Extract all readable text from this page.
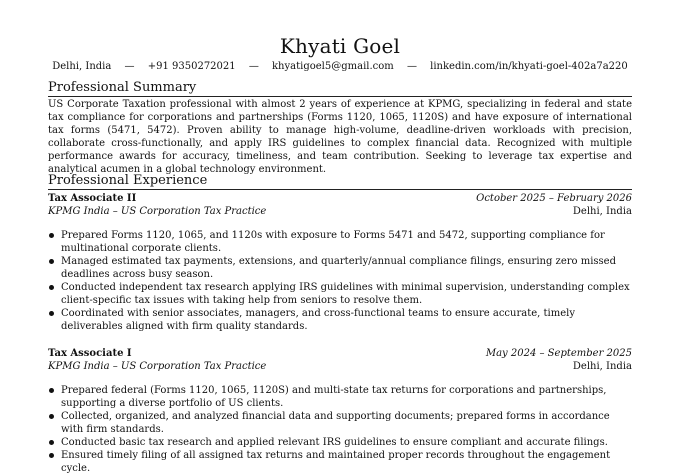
Khyati Goel
Delhi, India — +91 9350272021 — khyatigoel5@gmail.com — linkedin.com/in/khyati-goel-402a7a220
Professional Summary
US Corporate Taxation professional with almost 2 years of experience at KPMG, specializing in federal and state tax compliance for corporations and partnerships (Forms 1120, 1065, 1120S) and have exposure of international tax forms (5471, 5472). Proven ability to manage high-volume, deadline-driven workloads with precision, collaborate cross-functionally, and apply IRS guidelines to complex financial data. Recognized with multiple performance awards for accuracy, timeliness, and team contribution. Seeking to leverage tax expertise and analytical acumen in a global technology environment.
Professional Experience
Tax Associate II	October 2025 – February 2026
KPMG India – US Corporation Tax Practice	Delhi, India
Prepared Forms 1120, 1065, and 1120s with exposure to Forms 5471 and 5472, supporting compliance for multinational corporate clients.
Managed estimated tax payments, extensions, and quarterly/annual compliance filings, ensuring zero missed deadlines across busy season.
Conducted independent tax research applying IRS guidelines with minimal supervision, understanding complex client-specific tax issues with taking help from seniors to resolve them.
Coordinated with senior associates, managers, and cross-functional teams to ensure accurate, timely deliverables aligned with firm quality standards.
Tax Associate I	May 2024 – September 2025
KPMG India – US Corporation Tax Practice	Delhi, India
Prepared federal (Forms 1120, 1065, 1120S) and multi-state tax returns for corporations and partnerships, supporting a diverse portfolio of US clients.
Collected, organized, and analyzed financial data and supporting documents; prepared forms in accordance with firm standards.
Conducted basic tax research and applied relevant IRS guidelines to ensure compliant and accurate filings.
Ensured timely filing of all assigned tax returns and maintained proper records throughout the engagement cycle.
